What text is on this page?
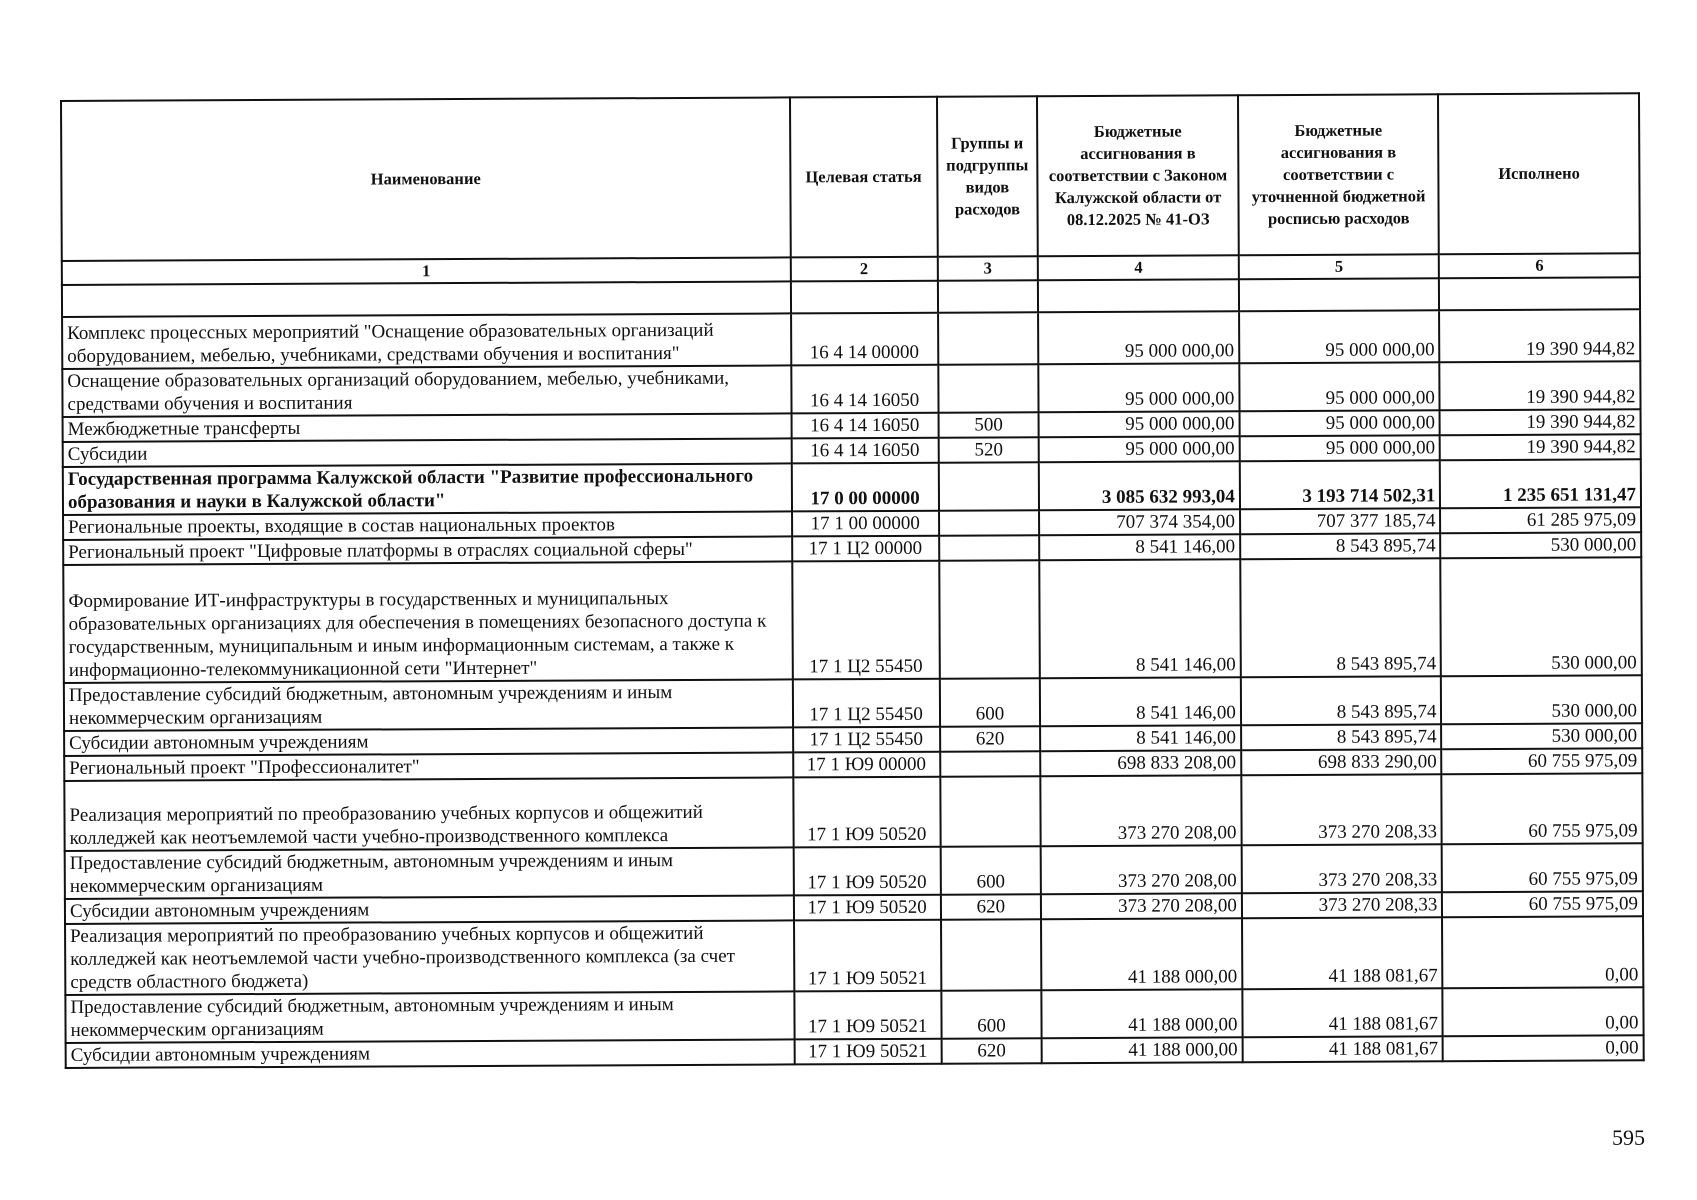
Наименование	Целевая статья	Группы и подгруппы видов расходов	Бюджетные ассигнования в соответствии с Законом Калужской области от 08.12.2025 № 41-ОЗ	Бюджетные ассигнования в соответствии с уточненной бюджетной росписью расходов	Исполнено
1	2	3	4	5	6

Комплекс процессных мероприятий "Оснащение образовательных организаций оборудованием, мебелью, учебниками, средствами обучения и воспитания"	16 4 14 00000		95 000 000,00	95 000 000,00	19 390 944,82
Оснащение образовательных организаций оборудованием, мебелью, учебниками, средствами обучения и воспитания	16 4 14 16050		95 000 000,00	95 000 000,00	19 390 944,82
Межбюджетные трансферты	16 4 14 16050	500	95 000 000,00	95 000 000,00	19 390 944,82
Субсидии	16 4 14 16050	520	95 000 000,00	95 000 000,00	19 390 944,82
Государственная программа Калужской области "Развитие профессионального образования и науки в Калужской области"	17 0 00 00000		3 085 632 993,04	3 193 714 502,31	1 235 651 131,47
Региональные проекты, входящие в состав национальных проектов	17 1 00 00000		707 374 354,00	707 377 185,74	61 285 975,09
Региональный проект "Цифровые платформы в отраслях социальной сферы"	17 1 Ц2 00000		8 541 146,00	8 543 895,74	530 000,00
Формирование ИТ-инфраструктуры в государственных и муниципальных образовательных организациях для обеспечения в помещениях безопасного доступа к государственным, муниципальным и иным информационным системам, а также к информационно-телекоммуникационной сети "Интернет"	17 1 Ц2 55450		8 541 146,00	8 543 895,74	530 000,00
Предоставление субсидий бюджетным, автономным учреждениям и иным некоммерческим организациям	17 1 Ц2 55450	600	8 541 146,00	8 543 895,74	530 000,00
Субсидии автономным учреждениям	17 1 Ц2 55450	620	8 541 146,00	8 543 895,74	530 000,00
Региональный проект "Профессионалитет"	17 1 Ю9 00000		698 833 208,00	698 833 290,00	60 755 975,09
Реализация мероприятий по преобразованию учебных корпусов и общежитий колледжей как неотъемлемой части учебно-производственного комплекса	17 1 Ю9 50520		373 270 208,00	373 270 208,33	60 755 975,09
Предоставление субсидий бюджетным, автономным учреждениям и иным некоммерческим организациям	17 1 Ю9 50520	600	373 270 208,00	373 270 208,33	60 755 975,09
Субсидии автономным учреждениям	17 1 Ю9 50520	620	373 270 208,00	373 270 208,33	60 755 975,09
Реализация мероприятий по преобразованию учебных корпусов и общежитий колледжей как неотъемлемой части учебно-производственного комплекса (за счет средств областного бюджета)	17 1 Ю9 50521		41 188 000,00	41 188 081,67	0,00
Предоставление субсидий бюджетным, автономным учреждениям и иным некоммерческим организациям	17 1 Ю9 50521	600	41 188 000,00	41 188 081,67	0,00
Субсидии автономным учреждениям	17 1 Ю9 50521	620	41 188 000,00	41 188 081,67	0,00
595
